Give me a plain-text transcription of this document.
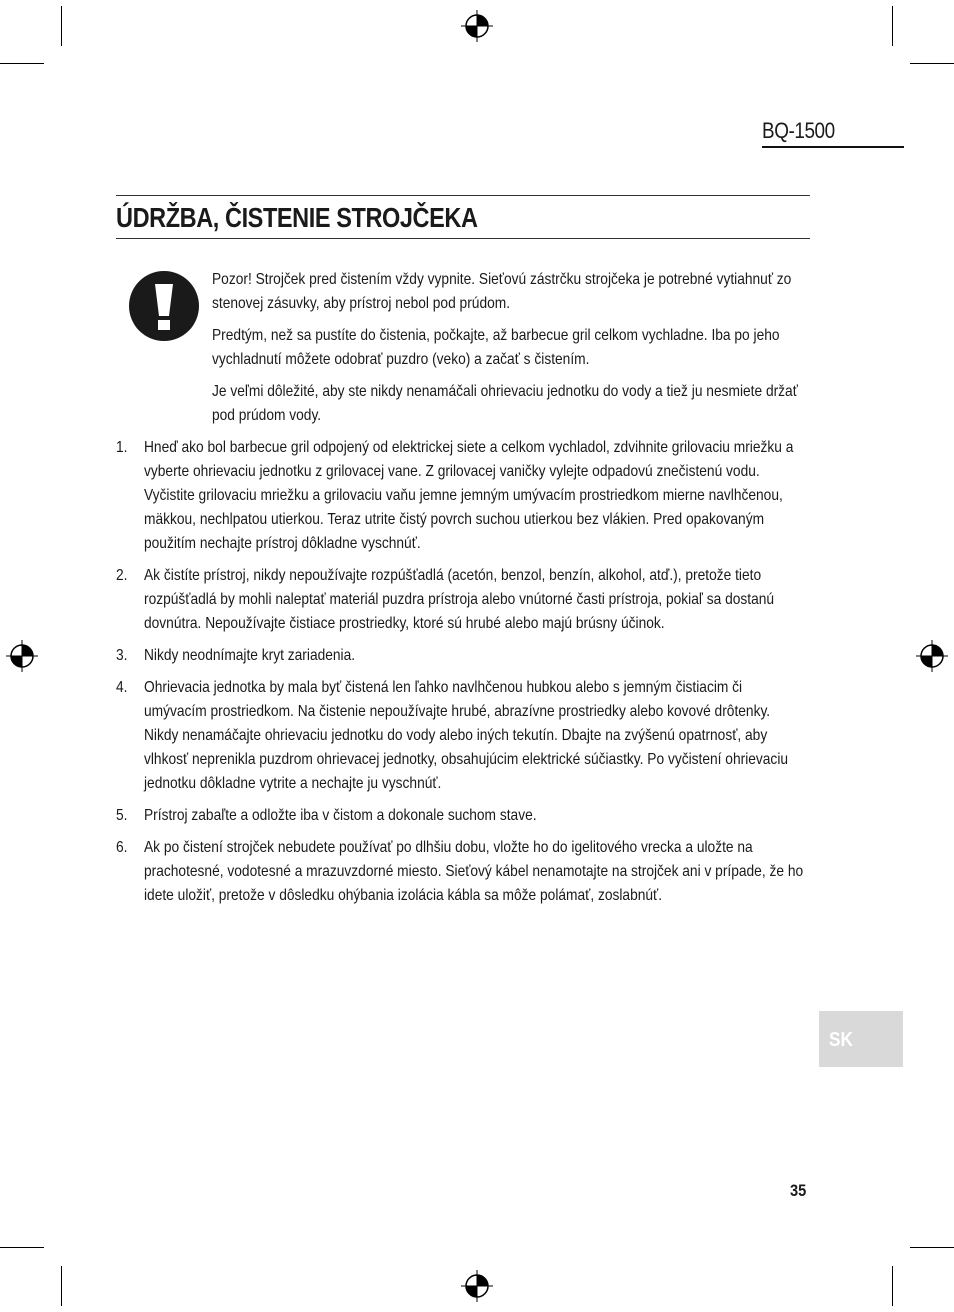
BQ-1500
ÚDRŽBA, ČISTENIE STROJČEKA
Pozor! Strojček pred čistením vždy vypnite. Sieťovú zástrčku strojčeka je potrebné vytiahnuť zo stenovej zásuvky, aby prístroj nebol pod prúdom.
Predtým, než sa pustíte do čistenia, počkajte, až barbecue gril celkom vychladne. Iba po jeho vychladnutí môžete odobrať puzdro (veko) a začať s čistením.
Je veľmi dôležité, aby ste nikdy nenamáčali ohrievaciu jednotku do vody a tiež ju nesmiete držať pod prúdom vody.
1.	Hneď ako bol barbecue gril odpojený od elektrickej siete a celkom vychladol, zdvihnite grilovaciu mriežku a vyberte ohrievaciu jednotku z grilovacej vane. Z grilovacej vaničky vylejte odpadovú znečistenú vodu. Vyčistite grilovaciu mriežku a grilovaciu vaňu jemne jemným umývacím prostriedkom mierne navlhčenou, mäkkou, nechlpatou utierkou. Teraz utrite čistý povrch suchou utierkou bez vlákien. Pred opakovaným použitím nechajte prístroj dôkladne vyschnúť.
2.	Ak čistíte prístroj, nikdy nepoužívajte rozpúšťadlá (acetón, benzol, benzín, alkohol, atď.), pretože tieto rozpúšťadlá by mohli naleptať materiál puzdra prístroja alebo vnútorné časti prístroja, pokiaľ sa dostanú dovnútra. Nepoužívajte čistiace prostriedky, ktoré sú hrubé alebo majú brúsny účinok.
3.	Nikdy neodnímajte kryt zariadenia.
4.	Ohrievacia jednotka by mala byť čistená len ľahko navlhčenou hubkou alebo s jemným čistiacim či umývacím prostriedkom. Na čistenie nepoužívajte hrubé, abrazívne prostriedky alebo kovové drôtenky. Nikdy nenamáčajte ohrievaciu jednotku do vody alebo iných tekutín. Dbajte na zvýšenú opatrnosť, aby vlhkosť neprenikla puzdrom ohrievacej jednotky, obsahujúcim elektrické súčiastky. Po vyčistení ohrievaciu jednotku dôkladne vytrite a nechajte ju vyschnúť.
5.	Prístroj zabaľte a odložte iba v čistom a dokonale suchom stave.
6.	Ak po čistení strojček nebudete používať po dlhšiu dobu, vložte ho do igelitového vrecka a uložte na prachotesné, vodotesné a mrazuvzdorné miesto. Sieťový kábel nenamotajte na strojček ani v prípade, že ho idete uložiť, pretože v dôsledku ohýbania izolácia kábla sa môže polámať, zoslabnúť.
SK
35
